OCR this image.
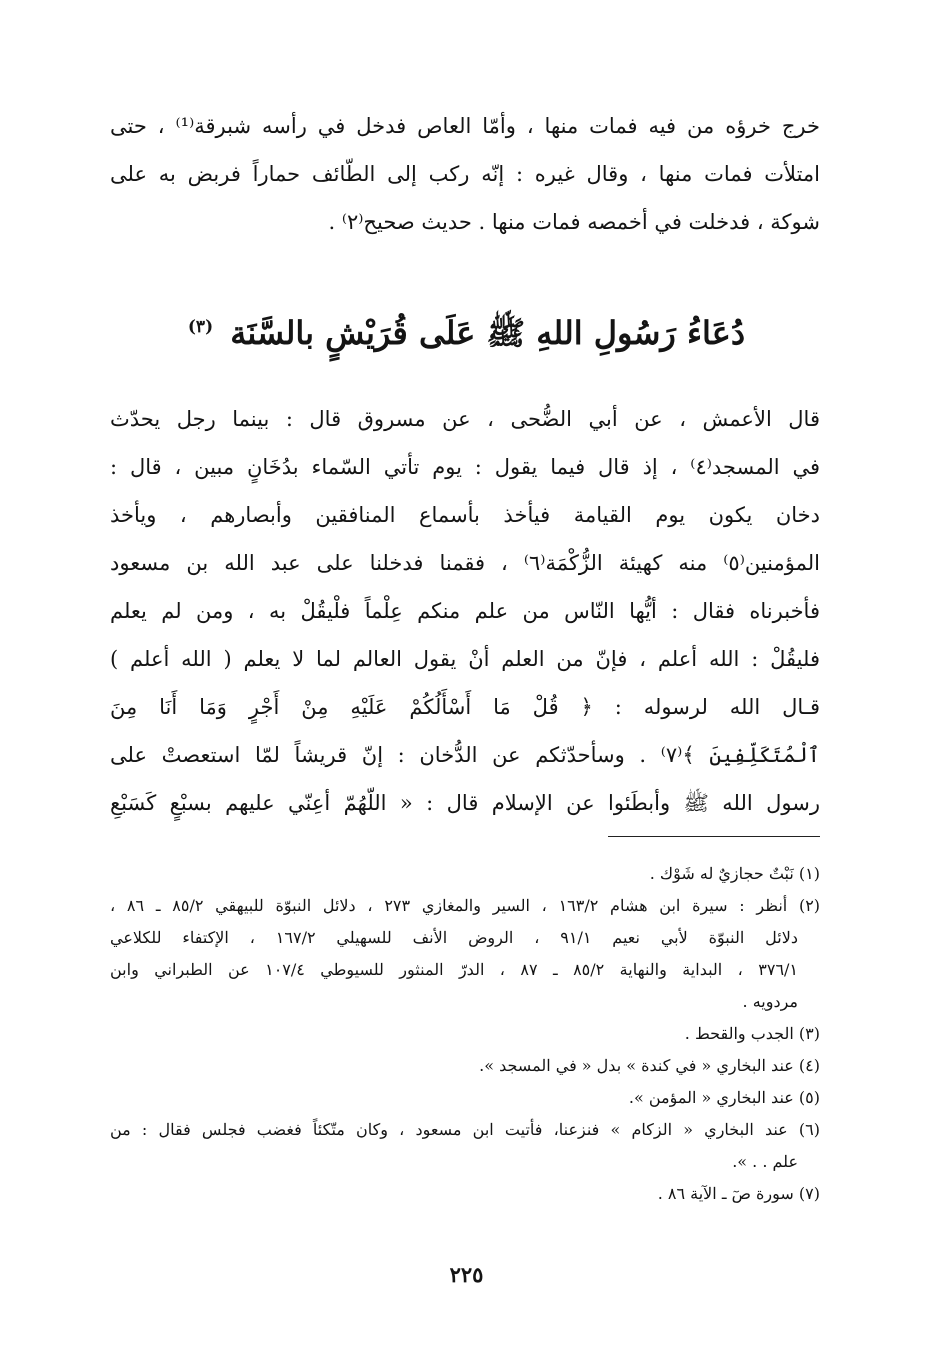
خرج خرؤه من فيه فمات منها ، وأمّا العاص فدخل في رأسه شبرقة⁽¹⁾ ، حتى
امتلأت فمات منها ، وقال غيره : إنّه ركب إلى الطّائف حماراً فربض به على
شوكة ، فدخلت في أخمصه فمات منها . حديث صحيح⁽٢⁾ .
دُعَاءُ رَسُولِ اللهِ ﷺ عَلَى قُرَيْشٍ بالسَّنَة $^{(٣)}$
قال الأعمش ، عن أبي الضُّحى ، عن مسروق قال : بينما رجل يحدّث
في المسجد⁽٤⁾ ، إذ قال فيما يقول : يوم تأتي السّماء بدُخَانٍ مبين ، قال :
دخان يكون يوم القيامة فيأخذ بأسماع المنافقين وأبصارهم ، ويأخذ
المؤمنين⁽٥⁾ منه كهيئة الزُّكْمَة⁽٦⁾ ، فقمنا فدخلنا على عبد الله بن مسعود
فأخبرناه فقال : أيُّها النّاس من علم منكم عِلْماً فلْيقُلْ به ، ومن لم يعلم
فليقُلْ : الله أعلم ، فإنّ من العلم أنْ يقول العالم لما لا يعلم ( الله أعلم )
قـال الله لرسوله : ﴿ قُلْ مَا أَسْأَلُكُمْ عَلَيْهِ مِنْ أَجْرٍ وَمَا أَنَا مِنَ
ٱلْمُتَكَلِّفِينَ ﴾⁽٧⁾ . وسأحدّثكم عن الدُّخان : إنّ قريشاً لمّا استعصتْ على
رسول الله ﷺ وأبطَئوا عن الإسلام قال : « اللّهُمّ أعِنّي عليهم بسبْعٍ كَسَبْعِ
(١) نَبْتٌ حجازيٌ له شَوْك .
(٢) أنظر : سيرة ابن هشام ١٦٣/٢ ، السير والمغازي ٢٧٣ ، دلائل النبوّة للبيهقي ٨٥/٢ ـ ٨٦ ،
دلائل النبوّة لأبي نعيم ٩١/١ ، الروض الأنف للسهيلي ١٦٧/٢ ، الإكتفاء للكلاعي
٣٧٦/١ ، البداية والنهاية ٨٥/٢ ـ ٨٧ ، الدرّ المنثور للسيوطي ١٠٧/٤ عن الطبراني وابن
مردويه .
(٣) الجدب والقحط .
(٤) عند البخاري « في كندة » بدل « في المسجد ».
(٥) عند البخاري « المؤمن ».
(٦) عند البخاري « الزكام » فنزعنا، فأتيت ابن مسعود ، وكان متّكئاً فغضب فجلس فقال : من
علم . . ».
(٧) سورة صٓ ـ الآية ٨٦ .
٢٢٥
